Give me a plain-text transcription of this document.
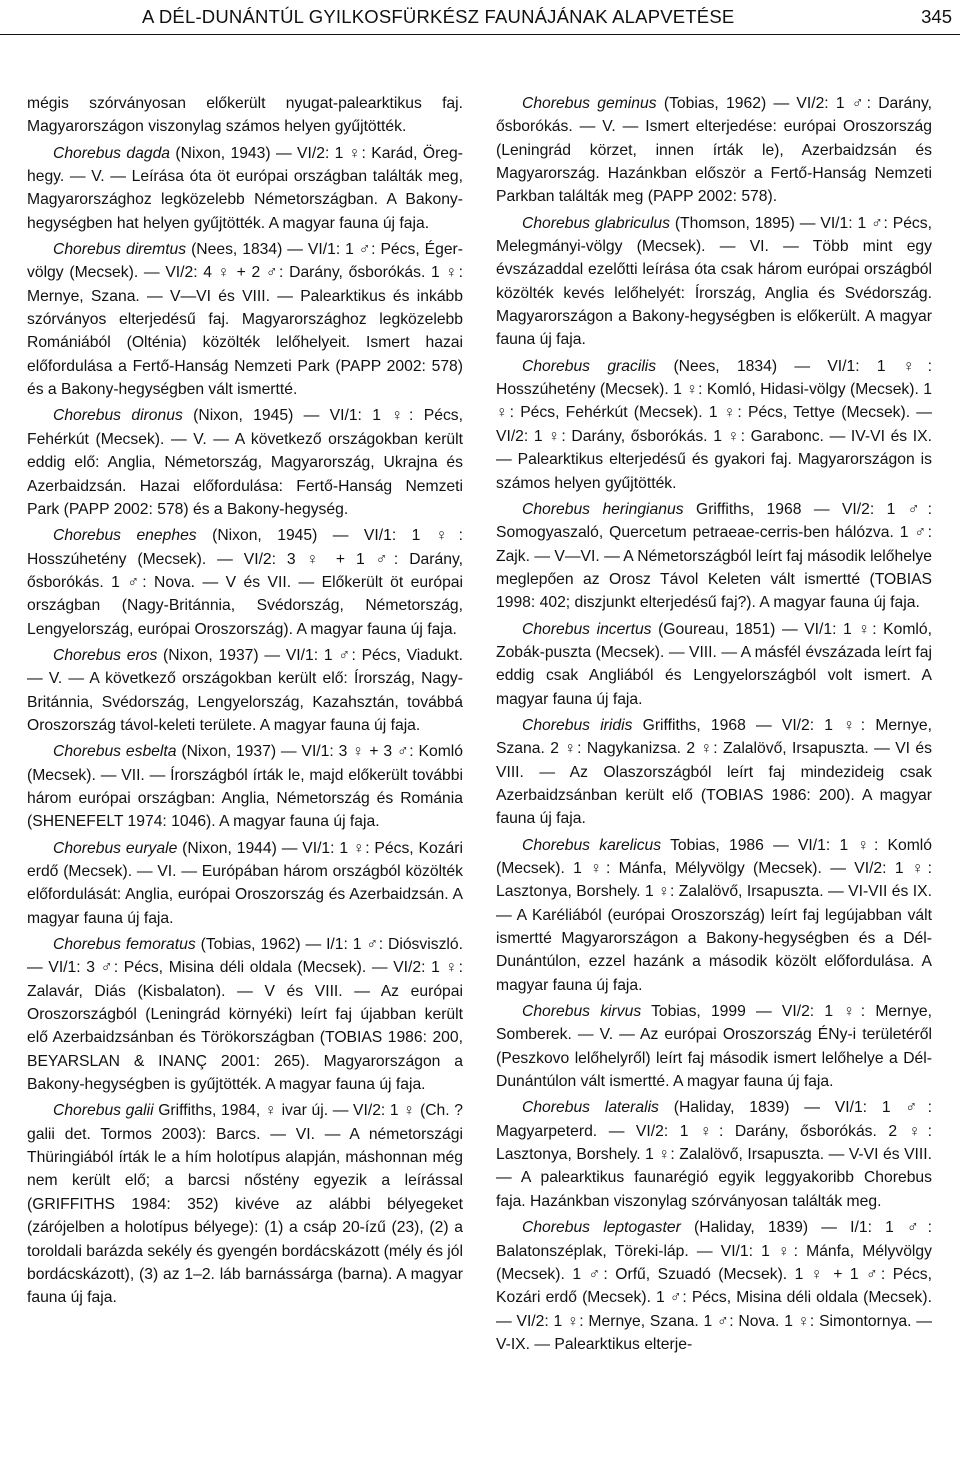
A DÉL-DUNÁNTÚL GYILKOSFÜRKÉSZ FAUNÁJÁNAK ALAPVETÉSE	345

mégis szórványosan előkerült nyugat-palearktikus faj. Magyarországon viszonylag számos helyen gyűjtötték.

Chorebus dagda (Nixon, 1943) — VI/2: 1 ♀: Karád, Öreg-hegy. — V. — Leírása óta öt európai országban találták meg, Magyarországhoz legközelebb Németországban. A Bakony-hegységben hat helyen gyűjtötték. A magyar fauna új faja.

Chorebus diremtus (Nees, 1834) — VI/1: 1 ♂: Pécs, Éger-völgy (Mecsek). — VI/2: 4 ♀ + 2 ♂: Darány, ősborókás. 1 ♀: Mernye, Szana. — V—VI és VIII. — Palearktikus és inkább szórványos elterjedésű faj. Magyarországhoz legközelebb Romániából (Olténia) közölték lelőhelyeit. Ismert hazai előfordulása a Fertő-Hanság Nemzeti Park (PAPP 2002: 578) és a Bakony-hegységben vált ismertté.

Chorebus dironus (Nixon, 1945) — VI/1: 1 ♀: Pécs, Fehérkút (Mecsek). — V. — A következő országokban került eddig elő: Anglia, Németország, Magyarország, Ukrajna és Azerbaidzsán. Hazai előfordulása: Fertő-Hanság Nemzeti Park (PAPP 2002: 578) és a Bakony-hegység.

Chorebus enephes (Nixon, 1945) — VI/1: 1 ♀: Hosszúhetény (Mecsek). — VI/2: 3 ♀ + 1 ♂: Darány, ősborókás. 1 ♂: Nova. — V és VII. — Előkerült öt európai országban (Nagy-Británnia, Svédország, Németország, Lengyelország, európai Oroszország). A magyar fauna új faja.

Chorebus eros (Nixon, 1937) — VI/1: 1 ♂: Pécs, Viadukt. — V. — A következő országokban került elő: Írország, Nagy-Británnia, Svédország, Lengyelország, Kazahsztán, továbbá Oroszország távol-keleti területe. A magyar fauna új faja.

Chorebus esbelta (Nixon, 1937) — VI/1: 3 ♀ + 3 ♂: Komló (Mecsek). — VII. — Írországból írták le, majd előkerült további három európai országban: Anglia, Németország és Románia (SHENEFELT 1974: 1046). A magyar fauna új faja.

Chorebus euryale (Nixon, 1944) — VI/1: 1 ♀: Pécs, Kozári erdő (Mecsek). — VI. — Európában három országból közölték előfordulását: Anglia, európai Oroszország és Azerbaidzsán. A magyar fauna új faja.

Chorebus femoratus (Tobias, 1962) — I/1: 1 ♂: Diósviszló. — VI/1: 3 ♂: Pécs, Misina déli oldala (Mecsek). — VI/2: 1 ♀: Zalavár, Diás (Kisbalaton). — V és VIII. — Az európai Oroszországból (Leningrád környéki) leírt faj újabban került elő Azerbaidzsánban és Törökországban (TOBIAS 1986: 200, BEYARSLAN & INANÇ 2001: 265). Magyarországon a Bakony-hegységben is gyűjtötték. A magyar fauna új faja.

Chorebus galii Griffiths, 1984, ♀ ivar új. — VI/2: 1 ♀ (Ch. ?galii det. Tormos 2003): Barcs. — VI. — A németországi Thüringiából írták le a hím holotípus alapján, máshonnan még nem került elő; a barcsi nőstény egyezik a leírással (GRIFFITHS 1984: 352) kivéve az alábbi bélyegeket (zárójelben a holotípus bélyege): (1) a csáp 20-ízű (23), (2) a toroldali barázda sekély és gyengén bordácskázott (mély és jól bordácskázott), (3) az 1–2. láb barnássárga (barna). A magyar fauna új faja.

Chorebus geminus (Tobias, 1962) — VI/2: 1 ♂: Darány, ősborókás. — V. — Ismert elterjedése: európai Oroszország (Leningrád körzet, innen írták le), Azerbaidzsán és Magyarország. Hazánkban először a Fertő-Hanság Nemzeti Parkban találták meg (PAPP 2002: 578).

Chorebus glabriculus (Thomson, 1895) — VI/1: 1 ♂: Pécs, Melegmányi-völgy (Mecsek). — VI. — Több mint egy évszázaddal ezelőtti leírása óta csak három európai országból közölték kevés lelőhelyét: Írország, Anglia és Svédország. Magyarországon a Bakony-hegységben is előkerült. A magyar fauna új faja.

Chorebus gracilis (Nees, 1834) — VI/1: 1 ♀: Hosszúhetény (Mecsek). 1 ♀: Komló, Hidasi-völgy (Mecsek). 1 ♀: Pécs, Fehérkút (Mecsek). 1 ♀: Pécs, Tettye (Mecsek). — VI/2: 1 ♀: Darány, ősborókás. 1 ♀: Garabonc. — IV-VI és IX. — Palearktikus elterjedésű és gyakori faj. Magyarországon is számos helyen gyűjtötték.

Chorebus heringianus Griffiths, 1968 — VI/2: 1 ♂: Somogyaszaló, Quercetum petraeae-cerris-ben hálózva. 1 ♂: Zajk. — V—VI. — A Németországból leírt faj második lelőhelye meglepően az Orosz Távol Keleten vált ismertté (TOBIAS 1998: 402; diszjunkt elterjedésű faj?). A magyar fauna új faja.

Chorebus incertus (Goureau, 1851) — VI/1: 1 ♀: Komló, Zobák-puszta (Mecsek). — VIII. — A másfél évszázada leírt faj eddig csak Angliából és Lengyelországból volt ismert. A magyar fauna új faja.

Chorebus iridis Griffiths, 1968 — VI/2: 1 ♀: Mernye, Szana. 2 ♀: Nagykanizsa. 2 ♀: Zalalövő, Irsapuszta. — VI és VIII. — Az Olaszországból leírt faj mindezideig csak Azerbaidzsánban került elő (TOBIAS 1986: 200). A magyar fauna új faja.

Chorebus karelicus Tobias, 1986 — VI/1: 1 ♀: Komló (Mecsek). 1 ♀: Mánfa, Mélyvölgy (Mecsek). — VI/2: 1 ♀: Lasztonya, Borshely. 1 ♀: Zalalövő, Irsapuszta. — VI-VII és IX. — A Karéliából (európai Oroszország) leírt faj legújabban vált ismertté Magyarországon a Bakony-hegységben és a Dél-Dunántúlon, ezzel hazánk a második közölt előfordulása. A magyar fauna új faja.

Chorebus kirvus Tobias, 1999 — VI/2: 1 ♀: Mernye, Somberek. — V. — Az európai Oroszország ÉNy-i területéről (Peszkovo lelőhelyről) leírt faj második ismert lelőhelye a Dél-Dunántúlon vált ismertté. A magyar fauna új faja.

Chorebus lateralis (Haliday, 1839) — VI/1: 1 ♂: Magyarpeterd. — VI/2: 1 ♀: Darány, ősborókás. 2 ♀: Lasztonya, Borshely. 1 ♀: Zalalövő, Irsapuszta. — V-VI és VIII. — A palearktikus faunarégió egyik leggyakoribb Chorebus faja. Hazánkban viszonylag szórványosan találták meg.

Chorebus leptogaster (Haliday, 1839) — I/1: 1 ♂: Balatonszéplak, Töreki-láp. — VI/1: 1 ♀: Mánfa, Mélyvölgy (Mecsek). 1 ♂: Orfű, Szuadó (Mecsek). 1 ♀ + 1 ♂: Pécs, Kozári erdő (Mecsek). 1 ♂: Pécs, Misina déli oldala (Mecsek). — VI/2: 1 ♀: Mernye, Szana. 1 ♂: Nova. 1 ♀: Simontornya. — V-IX. — Palearktikus elterje-
